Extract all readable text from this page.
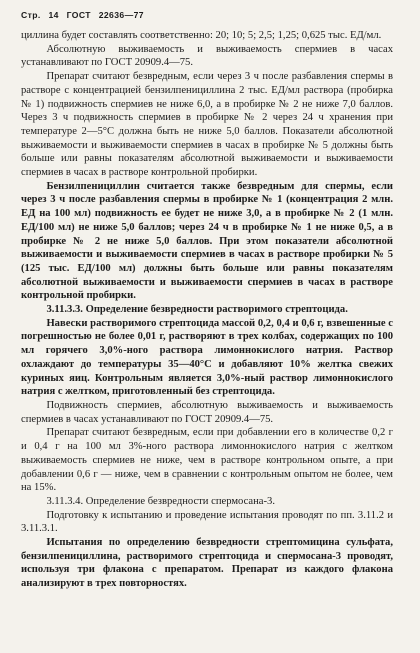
Стр. 14 ГОСТ 22636—77

циллина будет составлять соответственно: 20; 10; 5; 2,5; 1,25; 0,625 тыс. ЕД/мл.

Абсолютную выживаемость и выживаемость спермиев в часах устанавливают по ГОСТ 20909.4—75.

Препарат считают безвредным, если через 3 ч после разбавления спермы в растворе с концентрацией бензилпенициллина 2 тыс. ЕД/мл раствора (пробирка № 1) подвижность спермиев не ниже 6,0, а в пробирке № 2 не ниже 7,0 баллов. Через 3 ч подвижность спермиев в пробирке № 2 через 24 ч хранения при температуре 2—5°С должна быть не ниже 5,0 баллов. Показатели абсолютной выживаемости и выживаемости спермиев в часах в пробирке № 5 должны быть больше или равны показателям абсолютной выживаемости и выживаемости спермиев в часах в растворе контрольной пробирки.

Бензилпенициллин считается также безвредным для спермы, если через 3 ч после разбавления спермы в пробирке № 1 (концентрация 2 млн. ЕД на 100 мл) подвижность ее будет не ниже 3,0, а в пробирке № 2 (1 млн. ЕД/100 мл) не ниже 5,0 баллов; через 24 ч в пробирке № 1 не ниже 0,5, а в пробирке № 2 не ниже 5,0 баллов. При этом показатели абсолютной выживаемости и выживаемости спермиев в часах в растворе пробирки № 5 (125 тыс. ЕД/100 мл) должны быть больше или равны показателям абсолютной выживаемости и выживаемости спермиев в часах в растворе контрольной пробирки.

3.11.3.3. Определение безвредности растворимого стрептоцида.

Навески растворимого стрептоцида массой 0,2, 0,4 и 0,6 г, взвешенные с погрешностью не более 0,01 г, растворяют в трех колбах, содержащих по 100 мл горячего 3,0%-ного раствора лимоннокислого натрия. Раствор охлаждают до температуры 35—40°С и добавляют 10% желтка свежих куриных яиц. Контрольным является 3,0%-ный раствор лимоннокислого натрия с желтком, приготовленный без стрептоцида.

Подвижность спермиев, абсолютную выживаемость и выживаемость спермиев в часах устанавливают по ГОСТ 20909.4—75.

Препарат считают безвредным, если при добавлении его в количестве 0,2 г и 0,4 г на 100 мл 3%-ного раствора лимоннокислого натрия с желтком выживаемость спермиев не ниже, чем в растворе контрольном опыте, а при добавлении 0,6 г — ниже, чем в сравнении с контрольным опытом не более, чем на 15%.

3.11.3.4. Определение безвредности спермосана-3.

Подготовку к испытанию и проведение испытания проводят по пп. 3.11.2 и 3.11.3.1.

Испытания по определению безвредности стрептомицина сульфата, бензилпенициллина, растворимого стрептоцида и спермосана-3 проводят, используя три флакона с препаратом. Препарат из каждого флакона анализируют в трех повторностях.
